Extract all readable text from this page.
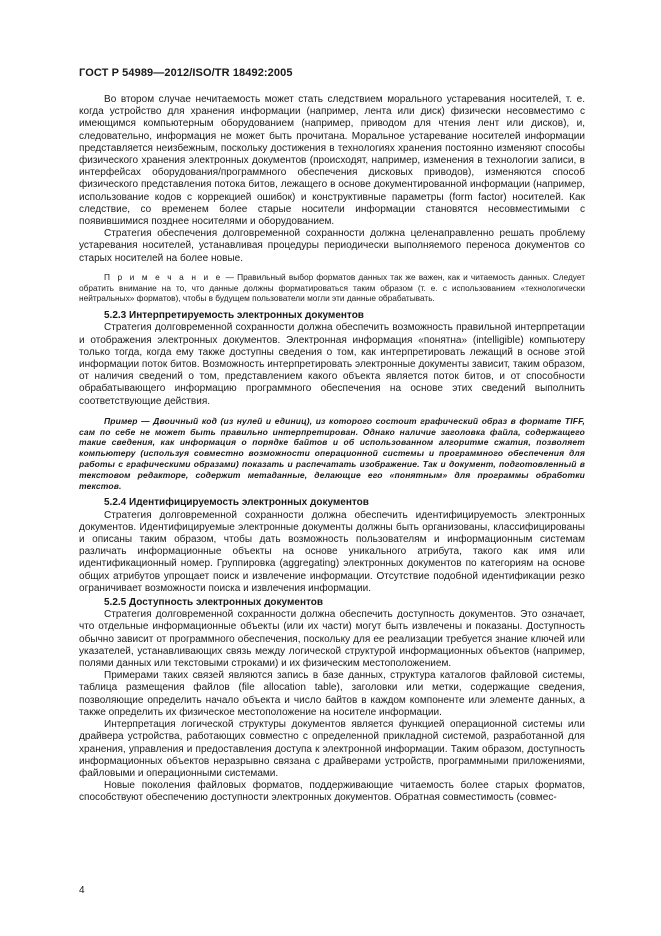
ГОСТ Р 54989—2012/ISO/TR 18492:2005

Во втором случае нечитаемость может стать следствием морального устаревания носителей, т. е. когда устройство для хранения информации (например, лента или диск) физически несовместимо с имеющимся компьютерным оборудованием (например, приводом для чтения лент или дисков), и, следовательно, информация не может быть прочитана. Моральное устаревание носителей информации представляется неизбежным, поскольку достижения в технологиях хранения постоянно изменяют способы физического хранения электронных документов (происходят, например, изменения в технологии записи, в интерфейсах оборудования/программного обеспечения дисковых приводов), изменяются способ физического представления потока битов, лежащего в основе документированной информации (например, использование кодов с коррекцией ошибок) и конструктивные параметры (form factor) носителей. Как следствие, со временем более старые носители информации становятся несовместимыми с появившимися позднее носителями и оборудованием.

Стратегия обеспечения долговременной сохранности должна целенаправленно решать проблему устаревания носителей, устанавливая процедуры периодически выполняемого переноса документов со старых носителей на более новые.

П р и м е ч а н и е — Правильный выбор форматов данных так же важен, как и читаемость данных. Следует обратить внимание на то, что данные должны форматироваться таким образом (т. е. с использованием «технологически нейтральных» форматов), чтобы в будущем пользователи могли эти данные обрабатывать.

5.2.3 Интерпретируемость электронных документов

Стратегия долговременной сохранности должна обеспечить возможность правильной интерпретации и отображения электронных документов. Электронная информация «понятна» (intelligible) компьютеру только тогда, когда ему также доступны сведения о том, как интерпретировать лежащий в основе этой информации поток битов. Возможность интерпретировать электронные документы зависит, таким образом, от наличия сведений о том, представлением какого объекта является поток битов, и от способности обрабатывающего информацию программного обеспечения на основе этих сведений выполнить соответствующие действия.

Пример — Двоичный код (из нулей и единиц), из которого состоит графический образ в формате TIFF, сам по себе не может быть правильно интерпретирован. Однако наличие заголовка файла, содержащего такие сведения, как информация о порядке байтов и об использованном алгоритме сжатия, позволяет компьютеру (используя совместно возможности операционной системы и программного обеспечения для работы с графическими образами) показать и распечатать изображение. Так и документ, подготовленный в текстовом редакторе, содержит метаданные, делающие его «понятным» для программы обработки текстов.

5.2.4 Идентифицируемость электронных документов

Стратегия долговременной сохранности должна обеспечить идентифицируемость электронных документов. Идентифицируемые электронные документы должны быть организованы, классифицированы и описаны таким образом, чтобы дать возможность пользователям и информационным системам различать информационные объекты на основе уникального атрибута, такого как имя или идентификационный номер. Группировка (aggregating) электронных документов по категориям на основе общих атрибутов упрощает поиск и извлечение информации. Отсутствие подобной идентификации резко ограничивает возможности поиска и извлечения информации.

5.2.5 Доступность электронных документов

Стратегия долговременной сохранности должна обеспечить доступность документов. Это означает, что отдельные информационные объекты (или их части) могут быть извлечены и показаны. Доступность обычно зависит от программного обеспечения, поскольку для ее реализации требуется знание ключей или указателей, устанавливающих связь между логической структурой информационных объектов (например, полями данных или текстовыми строками) и их физическим местоположением.

Примерами таких связей являются запись в базе данных, структура каталогов файловой системы, таблица размещения файлов (file allocation table), заголовки или метки, содержащие сведения, позволяющие определить начало объекта и число байтов в каждом компоненте или элементе данных, а также определить их физическое местоположение на носителе информации.

Интерпретация логической структуры документов является функцией операционной системы или драйвера устройства, работающих совместно с определенной прикладной системой, разработанной для хранения, управления и предоставления доступа к электронной информации. Таким образом, доступность информационных объектов неразрывно связана с драйверами устройств, программными приложениями, файловыми и операционными системами.

Новые поколения файловых форматов, поддерживающие читаемость более старых форматов, способствуют обеспечению доступности электронных документов. Обратная совместимость (совмес-

4
